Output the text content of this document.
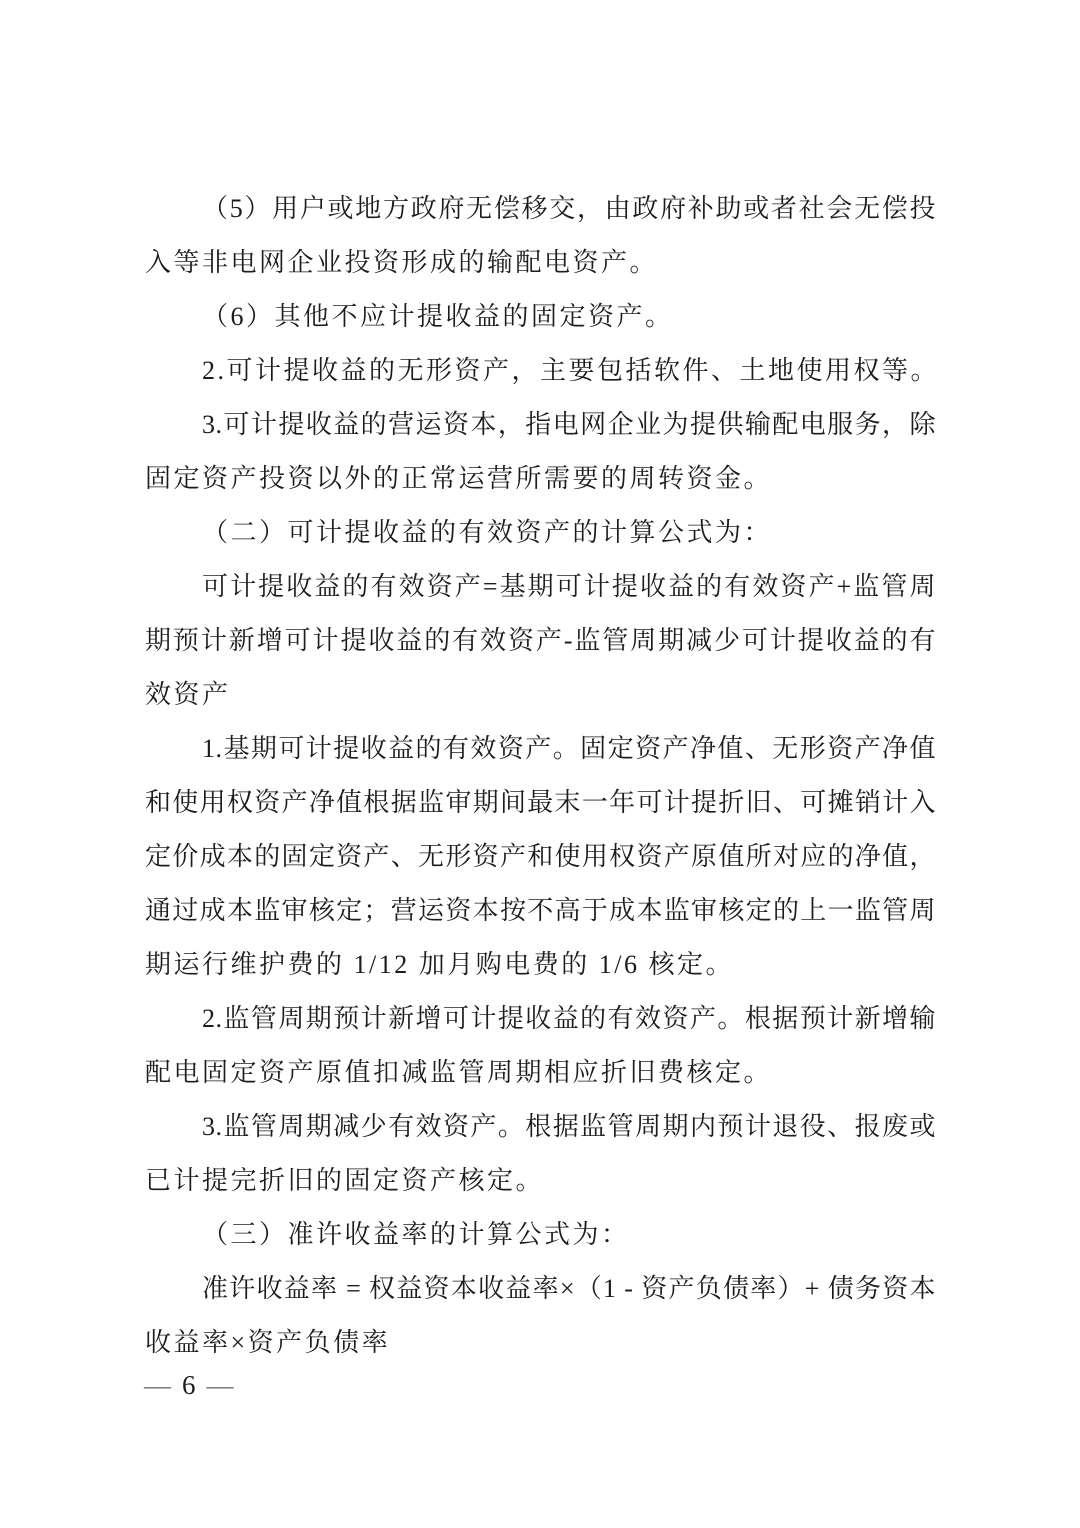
（5）用户或地方政府无偿移交，由政府补助或者社会无偿投
入等非电网企业投资形成的输配电资产。
（6）其他不应计提收益的固定资产。
2.可计提收益的无形资产，主要包括软件、土地使用权等。
3.可计提收益的营运资本，指电网企业为提供输配电服务，除
固定资产投资以外的正常运营所需要的周转资金。
（二）可计提收益的有效资产的计算公式为：
可计提收益的有效资产=基期可计提收益的有效资产+监管周
期预计新增可计提收益的有效资产-监管周期减少可计提收益的有
效资产
1.基期可计提收益的有效资产。固定资产净值、无形资产净值
和使用权资产净值根据监审期间最末一年可计提折旧、可摊销计入
定价成本的固定资产、无形资产和使用权资产原值所对应的净值，
通过成本监审核定；营运资本按不高于成本监审核定的上一监管周
期运行维护费的 1/12 加月购电费的 1/6 核定。
2.监管周期预计新增可计提收益的有效资产。根据预计新增输
配电固定资产原值扣减监管周期相应折旧费核定。
3.监管周期减少有效资产。根据监管周期内预计退役、报废或
已计提完折旧的固定资产核定。
（三）准许收益率的计算公式为：
准许收益率 = 权益资本收益率×（1 - 资产负债率）+ 债务资本
收益率×资产负债率
— 6 —
